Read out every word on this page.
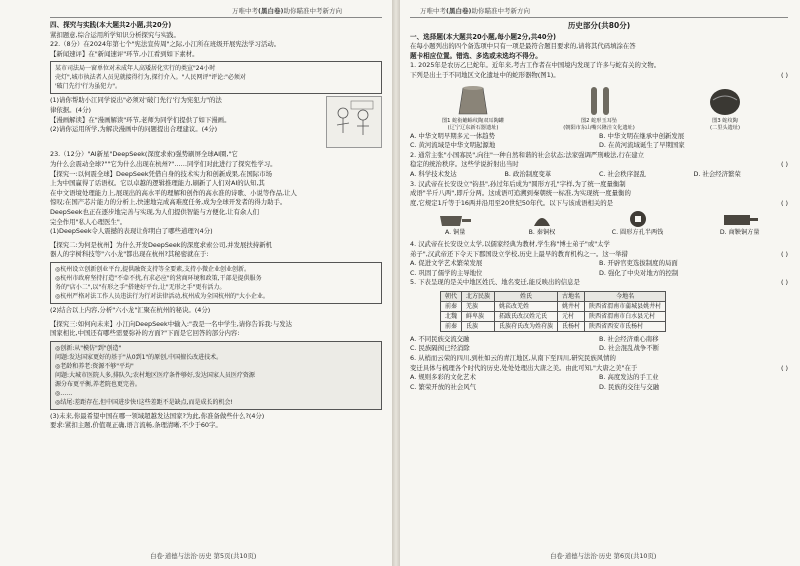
万唯中考(黑白卷)助你瞄准中考新方向

四、探究与实践(本大题共2小题,共20分)

紧扣题意,综合运用所学知识分析探究与实践。

22.（8分）在2024年第七个"宪法宣传周"之际,小江所在班级开展宪法学习活动。

【新闻速评】在"新闻速评"环节,小江看到如下素材。

某市司法局一窗单位对未成年人高矮居化实行的类宣"24小时

壳灯",城市执法者人员见就接得行为,探行介入。"人民网评"评论:"必须对

'破门先行'行为虽犯力"。

(1)请你帮助小江同学说出"必须对'破门先行'行为宪犯力"的法

律依据。(4分)

【漫画解读】在"漫画解读"环节,老师为同学们提供了如下漫画。

(2)请你运用所学,为解决漫画中的问题提出合理建议。(4分)

23.（12分）"AI新星"DeepSeek(深度求索)强势刷屏全球AI圈,"它

为什么会震动全球?""它为什么出现在杭州?"……同学们对此进行了探究性学习。

【探究一:以何震全球】DeepSeek凭借自身的技术实力和创新成果,在国际市场

上为中国赢得了话语权。它以卓越的逻辑推理能力,刷新了人们对AI的认知,其

在中文语境处理能力上,展现出的高水平的理解和创作的高水准的诗歌、小说等作品,让人

惊叹;在国产芯片能力的分析上,快速地完成高难度任务,成为全球开发者的得力助手。

DeepSeek也正在逐步地完善与实现,为人们提供智能与方便化,让有余人们

完全作用"私人心理医生"。

(1)DeepSeek令人震撼的表现让你明白了哪些道理?(4分)

【探究二:为何是杭州】为什么开发DeepSeek的深度求索公司,并发展扶持新机

器人的宇树科技等"六小龙"都出现在杭州?其秘密就在于:

◎杭州设立创新创业平台,提供融资支持等全要素,支持小微企业创业创新。

◎杭州市政府坚持打造"不牵不扰,有求必应"的营商环境和政策,干部是提供服务

务的"店小二",以"有形之手"搭建好平台,让"无形之手"更有活力。

◎杭州严格对法工作人员违法行为行对法律活动,杭州成为全国杭州的"大小企业。

(2)结合以上内容,分析"六小龙"汇聚在杭州的秘诀。(4分)

【探究三:如何向未来】小江向DeepSeek中输入:"我是一名中学生,请你告诉我:与发达

国家相比,中国还有哪些需要弥补的方面?"下面是它回答的部分内容:

◎创新:从"模仿"到"创造"

问题:发达国家更好的基于"从0到1"的原创,中国擅长改进技术。

◎老龄和养老:资源不够"平均"

问题:大城市医院人多,排队久;农村地区医疗条件够好,发达国家人员医疗资源

源分布更平衡,养老院也更完善。

◎……

◎结尾:差距存在,但中国进步快!这些差距不是缺点,而是成长的机会!

(3)未来,你最希望中国在哪一领域超越发达国家?为此,你准备做些什么?(4分)

要求:紧扣主题,价值观正确,语言流畅,条理清晰,不少于60字。

白卷·道德与法治·历史 第5页(共10页)
万唯中考(黑白卷)助你瞄准中考新方向

历史部分(共80分)

一、选择题(本大题共20小题,每小题2分,共40分)

在每小题列出的四个备选项中只有一项是最符合题目要求的,请将其代码填涂在答

题卡相应位置。错选、多选或未选均不得分。

1. 2025年是农历乙巳蛇年。近年来,考古工作者在中国境内发现了许多与蛇有关的文物。

下列是出土于不同地区文化遗址中的蛇形器物(图1)。	( )

图1 蛇衔蟾蜍纹陶双耳陶罐
(辽宁辽东新石器遗址)
图2 蛇形玉耳坠
(朝阳市东山嘴兴隆洼文化遗址)
图3 蛇纹陶
(二里头遗址)

A. 中华文明早期多元一体趋势	B. 中华文明在继承中创新发展

C. 黄河流域是中华文明起源地	D. 在黄河流域诞生了早期国家

2. 通常主张"小国寡民",向往"一种自然和谐的社会状态;法家强调严刑峻法,行在建立

稳定的统治秩序。这些学说折射出当时	( )

A. 科学技术发达	B. 政治制度变革	C. 社会秩序混乱	D. 社会经济繁荣

3. 汉武帝在长安设立"钧县",孙过年后成为"圆形方孔"字样,为了统一度量衡制

成语"半斤八两",即斤分两。这成语可追溯到秦朝统一标准,为实现统一度量衡的

度,它规定1斤等于16两并沿用至20世纪50年代。以下与该成语相关的是	( )

A. 铜量	B. 秦铜权	C. 圆形方孔半两钱	D. 商鞅铜方量

4. 汉武帝在长安设立太学,以儒家经典为教材,学生称"博士弟子"或"太学

弟子",汉武帝还下令天下郡国设立学校,历史上最早的教育机构之一。这一举措	( )

A. 促进文学艺术繁荣发展	B. 开辟官吏选拔制度的局面

C. 巩固了儒学的主导地位	D. 强化了中央对地方的控制

5. 下表呈现的是关中地区姓氏、地名变迁,能反映出的信息是	( )

朝代	北方民族	姓氏	古地名	今地名
前秦	羌族	姚苌改羌姓	姚井村	陕西省渭南市蒲城县姚井村
北魏	鲜卑族	拓跋氏改汉姓元氏	元村	陕西省渭南市白水县元村
前秦	氐族	氐族苻氏改为姓苻族	氐杨村	陕西省西安市氐杨村

A. 不同民族交流交融	B. 社会经济重心南移

C. 民族隔阂已经消除	D. 社会混乱战争不断

6. 从梢而云荣的四川,到杜如云的青江地区,从南下至四川,研究民族风情的

变迁具体与梳理各个时代的历史,处处处理出大唐之美。由此可知,"大唐之美"在于	( )

A. 规则多彩的文化艺术	B. 高度发达的手工业

C. 繁荣开放的社会风气	D. 民族的交往与交融

白卷·道德与法治·历史 第6页(共10页)
